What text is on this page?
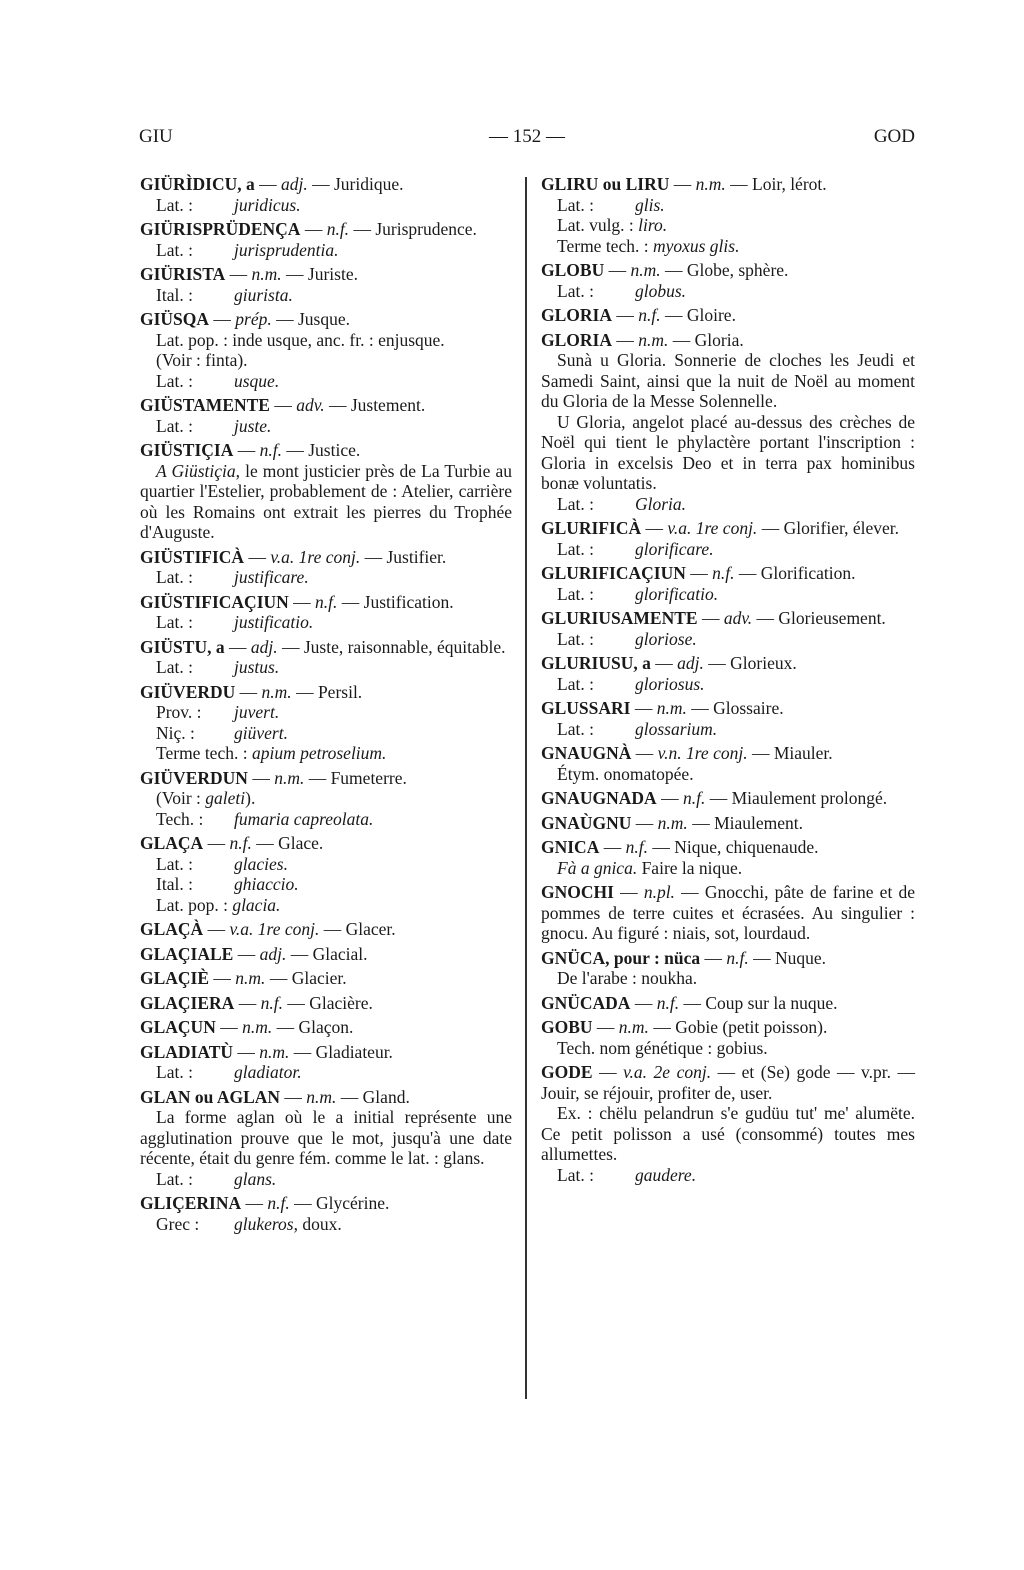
GIU	— 152 —	GOD
GIÜRÌDICU, a — adj. — Juridique.
Lat. : juridicus.
GIÜRISPRÜDENÇA — n.f. — Jurisprudence.
Lat. : jurisprudentia.
GIÜRISTA — n.m. — Juriste.
Ital. : giurista.
GIÜSQA — prép. — Jusque.
Lat. pop. : inde usque, anc. fr. : enjusque.
(Voir : finta).
Lat. : usque.
GIÜSTAMENTE — adv. — Justement.
Lat. : juste.
GIÜSTIÇIA — n.f. — Justice.
A Giüstiçia, le mont justicier près de La Turbie au quartier l'Estelier, probablement de : Atelier, carrière où les Romains ont extrait les pierres du Trophée d'Auguste.
GIÜSTIFICÀ — v.a. 1re conj. — Justifier.
Lat. : justificare.
GIÜSTIFICAÇIUN — n.f. — Justification.
Lat. : justificatio.
GIÜSTU, a — adj. — Juste, raisonnable, équitable.
Lat. : justus.
GIÜVERDU — n.m. — Persil.
Prov. : juvert.
Niç. : giüvert.
Terme tech. : apium petroselium.
GIÜVERDUN — n.m. — Fumeterre.
(Voir : galeti).
Tech. : fumaria capreolata.
GLAÇA — n.f. — Glace.
Lat. : glacies.
Ital. : ghiaccio.
Lat. pop. : glacia.
GLAÇÀ — v.a. 1re conj. — Glacer.
GLAÇIALE — adj. — Glacial.
GLAÇIÈ — n.m. — Glacier.
GLAÇIERA — n.f. — Glacière.
GLAÇUN — n.m. — Glaçon.
GLADIATÙ — n.m. — Gladiateur.
Lat. : gladiator.
GLAN ou AGLAN — n.m. — Gland.
La forme aglan où le a initial représente une agglutination prouve que le mot, jusqu'à une date récente, était du genre fém. comme le lat. : glans.
Lat. : glans.
GLIÇERINA — n.f. — Glycérine.
Grec : glukeros, doux.
GLIRU ou LIRU — n.m. — Loir, lérot.
Lat. : glis.
Lat. vulg. : liro.
Terme tech. : myoxus glis.
GLOBU — n.m. — Globe, sphère.
Lat. : globus.
GLORIA — n.f. — Gloire.
GLORIA — n.m. — Gloria.
Sunà u Gloria. Sonnerie de cloches les Jeudi et Samedi Saint, ainsi que la nuit de Noël au moment du Gloria de la Messe Solennelle.
U Gloria, angelot placé au-dessus des crèches de Noël qui tient le phylactère portant l'inscription : Gloria in excelsis Deo et in terra pax hominibus bonæ voluntatis.
Lat. : Gloria.
GLURIFICÀ — v.a. 1re conj. — Glorifier, élever.
Lat. : glorificare.
GLURIFICAÇIUN — n.f. — Glorification.
Lat. : glorificatio.
GLURIUSAMENTE — adv. — Glorieusement.
Lat. : gloriose.
GLURIUSU, a — adj. — Glorieux.
Lat. : gloriosus.
GLUSSARI — n.m. — Glossaire.
Lat. : glossarium.
GNAUGNÀ — v.n. 1re conj. — Miauler.
Étym. onomatopée.
GNAUGNADA — n.f. — Miaulement prolongé.
GNAÙGNU — n.m. — Miaulement.
GNICA — n.f. — Nique, chiquenaude.
Fà a gnica. Faire la nique.
GNOCHI — n.pl. — Gnocchi, pâte de farine et de pommes de terre cuites et écrasées. Au singulier : gnocu. Au figuré : niais, sot, lourdaud.
GNÜCA, pour : nüca — n.f. — Nuque.
De l'arabe : noukha.
GNÜCADA — n.f. — Coup sur la nuque.
GOBU — n.m. — Gobie (petit poisson).
Tech. nom génétique : gobius.
GODE — v.a. 2e conj. — et (Se) gode — v.pr. — Jouir, se réjouir, profiter de, user.
Ex. : chëlu pelandrun s'e gudüu tut' me' alumëte. Ce petit polisson a usé (consommé) toutes mes allumettes.
Lat. : gaudere.
